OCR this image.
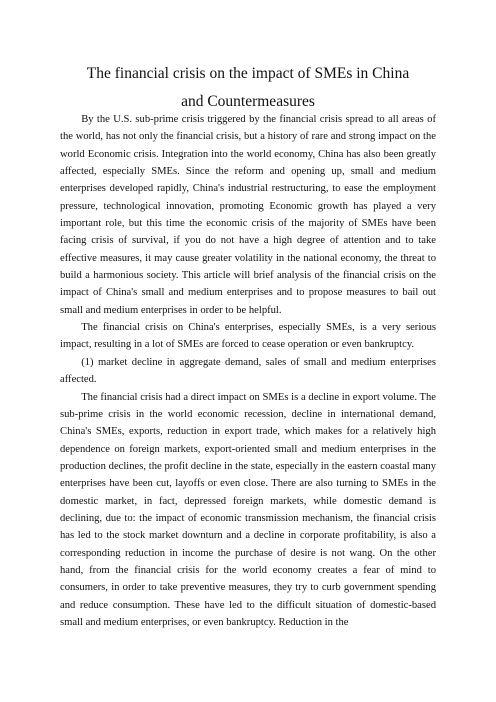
The financial crisis on the impact of SMEs in China
and Countermeasures

By the U.S. sub-prime crisis triggered by the financial crisis spread to all areas of the world, has not only the financial crisis, but a history of rare and strong impact on the world Economic crisis. Integration into the world economy, China has also been greatly affected, especially SMEs. Since the reform and opening up, small and medium enterprises developed rapidly, China's industrial restructuring, to ease the employment pressure, technological innovation, promoting Economic growth has played a very important role, but this time the economic crisis of the majority of SMEs have been facing crisis of survival, if you do not have a high degree of attention and to take effective measures, it may cause greater volatility in the national economy, the threat to build a harmonious society. This article will brief analysis of the financial crisis on the impact of China's small and medium enterprises and to propose measures to bail out small and medium enterprises in order to be helpful.

The financial crisis on China's enterprises, especially SMEs, is a very serious impact, resulting in a lot of SMEs are forced to cease operation or even bankruptcy.

(1) market decline in aggregate demand, sales of small and medium enterprises affected.

The financial crisis had a direct impact on SMEs is a decline in export volume. The sub-prime crisis in the world economic recession, decline in international demand, China's SMEs, exports, reduction in export trade, which makes for a relatively high dependence on foreign markets, export-oriented small and medium enterprises in the production declines, the profit decline in the state, especially in the eastern coastal many enterprises have been cut, layoffs or even close. There are also turning to SMEs in the domestic market, in fact, depressed foreign markets, while domestic demand is declining, due to: the impact of economic transmission mechanism, the financial crisis has led to the stock market downturn and a decline in corporate profitability, is also a corresponding reduction in income the purchase of desire is not wang. On the other hand, from the financial crisis for the world economy creates a fear of mind to consumers, in order to take preventive measures, they try to curb government spending and reduce consumption. These have led to the difficult situation of domestic-based small and medium enterprises, or even bankruptcy. Reduction in the
